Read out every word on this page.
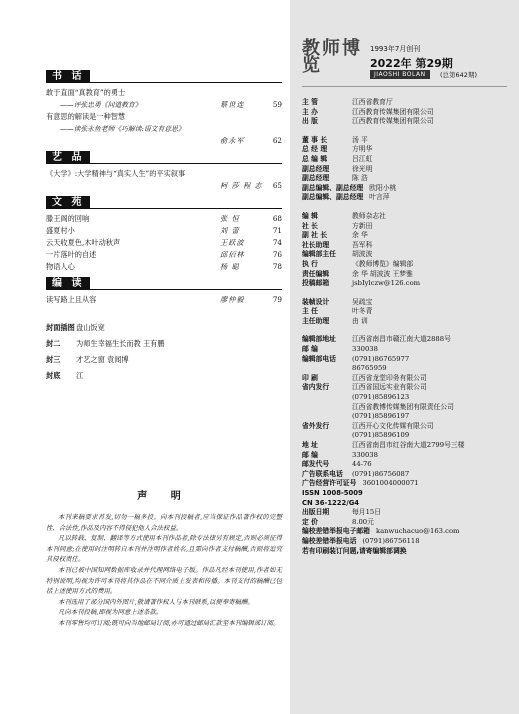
书 话
敢于直面“真教育”的勇士
——评张忠勇《问道教育》	蔡世连	59
有意思的解读是一种智慧
——读张永鱼老师《巧解读:语文有意思》
俞永军	62
艺 品
《大学》:大学精神与“真实人生”的平实叙事
柯 莎 程 志	65
文 苑
滕王阁的回响	张 恒	68
盛夏村小	刘 蕾	71
云天收夏色,木叶动秋声	王跃波	74
一片落叶的自述	邱佰林	76
物语人心	杨 聪	78
编 读
读写路上且从容	廖仲毅	79
封面插图盘山饭宽
封二 为师生幸福生长而教 王有鹏
封三 才艺之窗 袁闻博
封底 江
声 明

本刊来稿要求首发,切勿一稿多投。向本刊投稿者,应当保证作品著作权的完整性、合法性,作品及内容不得侵犯他人合法权益。

凡以转载、复制、翻译等方式使用本刊作品者,除专法律另有规定,否则必须征得本刊同意;在使用时注明转自本刊并注明作者姓名,且需向作者支付稿酬,否则将追究其侵权责任。

本刊已被中国知网数据库收录并代理网络电子版。作品凡经本刊使用,作者如无特别说明,均视为许可本刊将其作品在不同介质上发表和传播。本刊支付的稿酬已包括上述使用方式的费用。

本刊选用了部分国内外图片,敬请著作权人与本刊联系,以便奉寄稿酬。

凡向本刊投稿,即视为同意上述条款。

本刊零售均可订阅;既可向当地邮局订阅,亦可通过邮局汇款至本刊编辑部订阅。

教师博览
1993年7月创刊
2022年 第29期
JIAOSHI BOLAN	(总第642期)
主 管	江西省教育厅
主 办	江西教育传媒集团有限公司
出 版	江西教育传媒集团有限公司
董 事 长	汤 平
总 经 理	方明华
总 编 辑	吕江虹
副总经理	徐光明
副总经理	陈 浩
副总编辑、副总经理 欧阳小桃
副总编辑、副总经理 叶言萍
编 辑	教师杂志社
社 长	方新田
副 社 长	余 华
社长助理	吾军科
编辑部主任 胡波波
执 行	《教师博览》编辑部
责任编辑	余 华 胡波波 王梦雅
投稿邮箱	jsbIylczw@126.com
装帧设计	吴疏宝
主 任	叶冬青
主任助理	由 训
编辑部地址 江西省南昌市赣江南大道2888号
邮 编	330038
编辑部电话 (0791)86765977
86765959
印 刷	江西省龙堂印务有限公司
省内发行	江西省国远实业有限公司
(0791)85896123
江西省教博传媒集团有限责任公司
(0791)85896197
省外发行	江西开心文化传媒有限公司
(0791)85896109
地 址	江西省南昌市红谷南大道2799号三楼
邮 编	330038
邮发代号	44-76
广告联系电话 (0791)86756087
广告经营许可证号 3601004000071
ISSN 1008-5009
CN 36-1222/G4
出版日期	每月15日
定 价	8.00元
编校差错举报电子邮箱 kanwuchacuo@163.com
编校差错举报电话 (0791)86756118
若有印刷装订问题,请寄编辑部调换
